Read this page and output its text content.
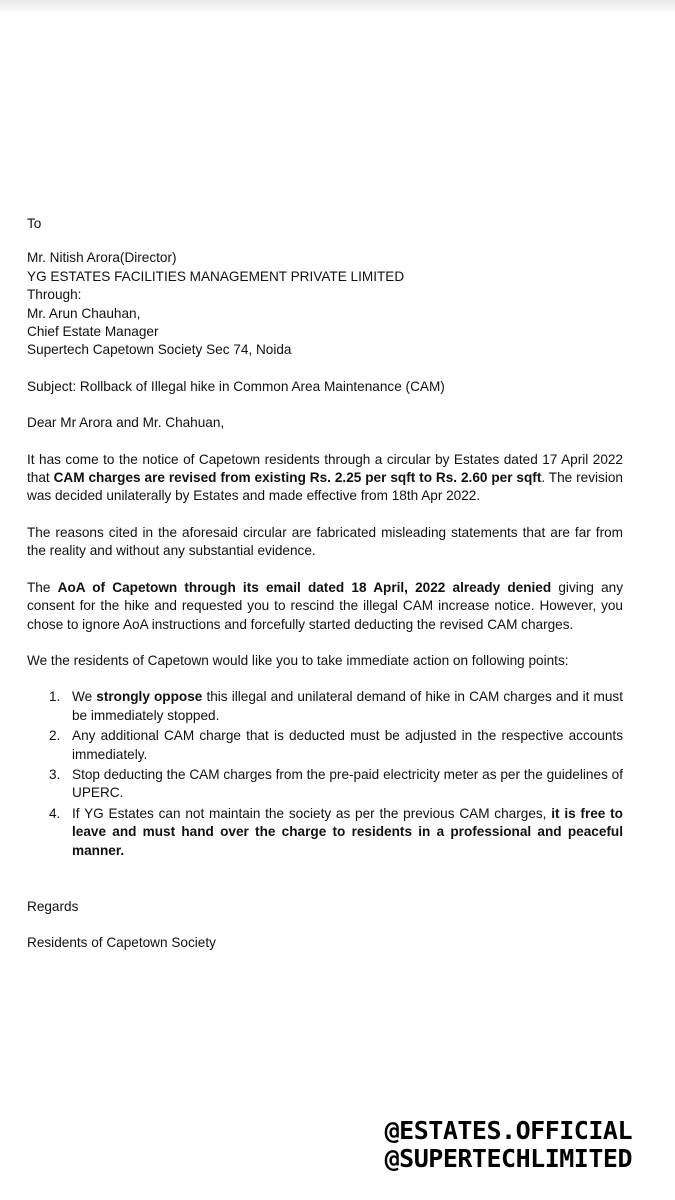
To

Mr. Nitish Arora(Director)

YG ESTATES FACILITIES MANAGEMENT PRIVATE LIMITED

Through:

Mr. Arun Chauhan,

Chief Estate Manager

Supertech Capetown Society Sec 74, Noida

Subject: Rollback of Illegal hike in Common Area Maintenance (CAM)

Dear Mr Arora and Mr. Chahuan,

It has come to the notice of Capetown residents through a circular by Estates dated 17 April 2022 that CAM charges are revised from existing Rs. 2.25 per sqft to Rs. 2.60 per sqft. The revision was decided unilaterally by Estates and made effective from 18th Apr 2022.

The reasons cited in the aforesaid circular are fabricated misleading statements that are far from the reality and without any substantial evidence.

The AoA of Capetown through its email dated 18 April, 2022 already denied giving any consent for the hike and requested you to rescind the illegal CAM increase notice. However, you chose to ignore AoA instructions and forcefully started deducting the revised CAM charges.

We the residents of Capetown would like you to take immediate action on following points:

1. We strongly oppose this illegal and unilateral demand of hike in CAM charges and it must be immediately stopped.
2. Any additional CAM charge that is deducted must be adjusted in the respective accounts immediately.
3. Stop deducting the CAM charges from the pre-paid electricity meter as per the guidelines of UPERC.
4. If YG Estates can not maintain the society as per the previous CAM charges, it is free to leave and must hand over the charge to residents in a professional and peaceful manner.

Regards

Residents of Capetown Society

@ESTATES.OFFICIAL
@SUPERTECHLIMITED
